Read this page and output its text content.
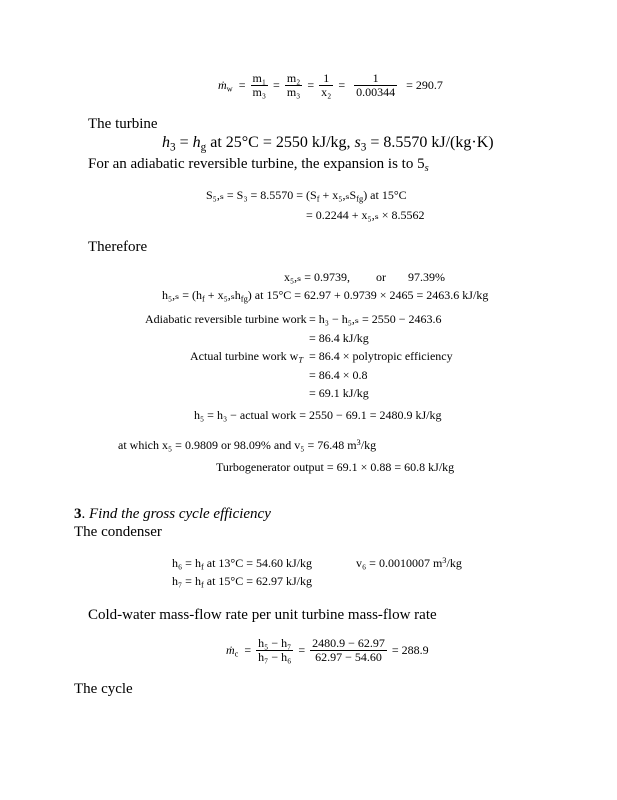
ṁ$_w$  = $\frac{\text{m₁}}{\text{m₃}} = \frac{\text{m₂}}{\text{m₃}} = \frac{1}{\text{x₂}} = \frac{1}{0.00344} = 290.7$
The turbine
$h_3 = h_g$ at 25°C = 2550 kJ/kg, $s_3 = 8.5570$ kJ/(kg·K)
For an adiabatic reversible turbine, the expansion is to $5_s$
$S_5,_s = S_3 = 8.5570 = (S_f + x_5,_sS_{fg})$ at 15°C
= 0.2244 + x₅,ₛ × 8.5562
Therefore
x₅,ₛ = 0.9739, or 97.39%
$h_5,_s = (h_f + x_5,_sh_{fg})$ at 15°C = 62.97 + 0.9739 × 2465 = 2463.6 kJ/kg
Adiabatic reversible turbine work = h₃ − h₅,ₛ = 2550 − 2463.6
= 86.4 kJ/kg
Actual turbine work $w_T = 86.4$ × polytropic efficiency
= 86.4 × 0.8
= 69.1 kJ/kg
h₅ = h₃ − actual work = 2550 − 69.1 = 2480.9 kJ/kg
at which x₅ = 0.9809 or 98.09% and v₅ = 76.48 $m^3/kg$
Turbogenerator output = 69.1 × 0.88 = 60.8 kJ/kg
3. Find the gross cycle efficiency
The condenser
$h_6 = h_f$ at 13°C = 54.60 kJ/kg	v₆ = 0.0010007 $m^3/kg$
$h_7 = h_f$ at 15°C = 62.97 kJ/kg
Cold-water mass-flow rate per unit turbine mass-flow rate
ṁ$_c$  = $\frac{\text{h₅ − h₇}}{\text{h₇ − h₆}} = \frac{2480.9 - 62.97}{62.97 - 54.60} = 288.9$
The cycle
